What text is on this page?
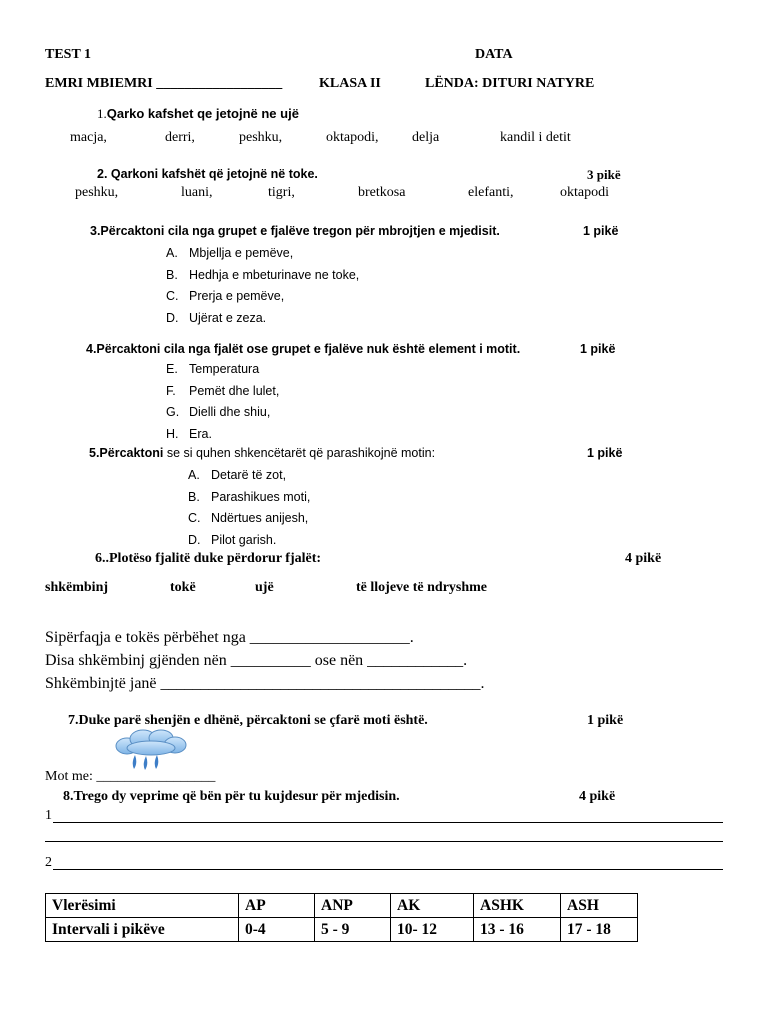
TEST 1	DATA
EMRI MBIEMRI __________________	KLASA II	LËNDA: DITURI NATYRE
1.Qarko kafshet qe jetojnë ne ujë
macja,	derri,	peshku,	oktapodi, delja	kandil i detit
2. Qarkoni kafshët që jetojnë në toke.	3 pikë
peshku,	luani,	tigri,	bretkosa	elefanti,	oktapodi
3.Përcaktoni cila nga grupet e fjalëve tregon për mbrojtjen e mjedisit.	1 pikë
A. Mbjellja e pemëve,
B. Hedhja e mbeturinave ne toke,
C. Prerja e pemëve,
D. Ujërat e zeza.
4.Përcaktoni cila nga fjalët ose grupet e fjalëve nuk është element i motit.	1 pikë
E. Temperatura
F. Pemët dhe lulet,
G. Dielli dhe shiu,
H. Era.
5.Përcaktoni se si quhen shkencëtarët që parashikojnë motin:	1 pikë
A. Detarë të zot,
B. Parashikues moti,
C. Ndërtues anijesh,
D. Pilot garish.
6..Plotëso fjalitë duke përdorur fjalët:	4 pikë
shkëmbinj	tokë	ujë	të llojeve të ndryshme
Sipërfaqja e tokës përbëhet nga ____________________.
Disa shkëmbinj gjënden nën __________ ose nën ____________.
Shkëmbinjtë janë ________________________________________.
7.Duke parë shenjën e dhënë, përcaktoni se çfarë moti është.	1 pikë
Mot me: _________________
8.Trego dy veprime që bën për tu kujdesur për mjedisin.	4 pikë
1
2
Vlerësimi	AP	ANP	AK	ASHK	ASH
Intervali i pikëve	0-4	5 - 9	10- 12	13 - 16	17 - 18
